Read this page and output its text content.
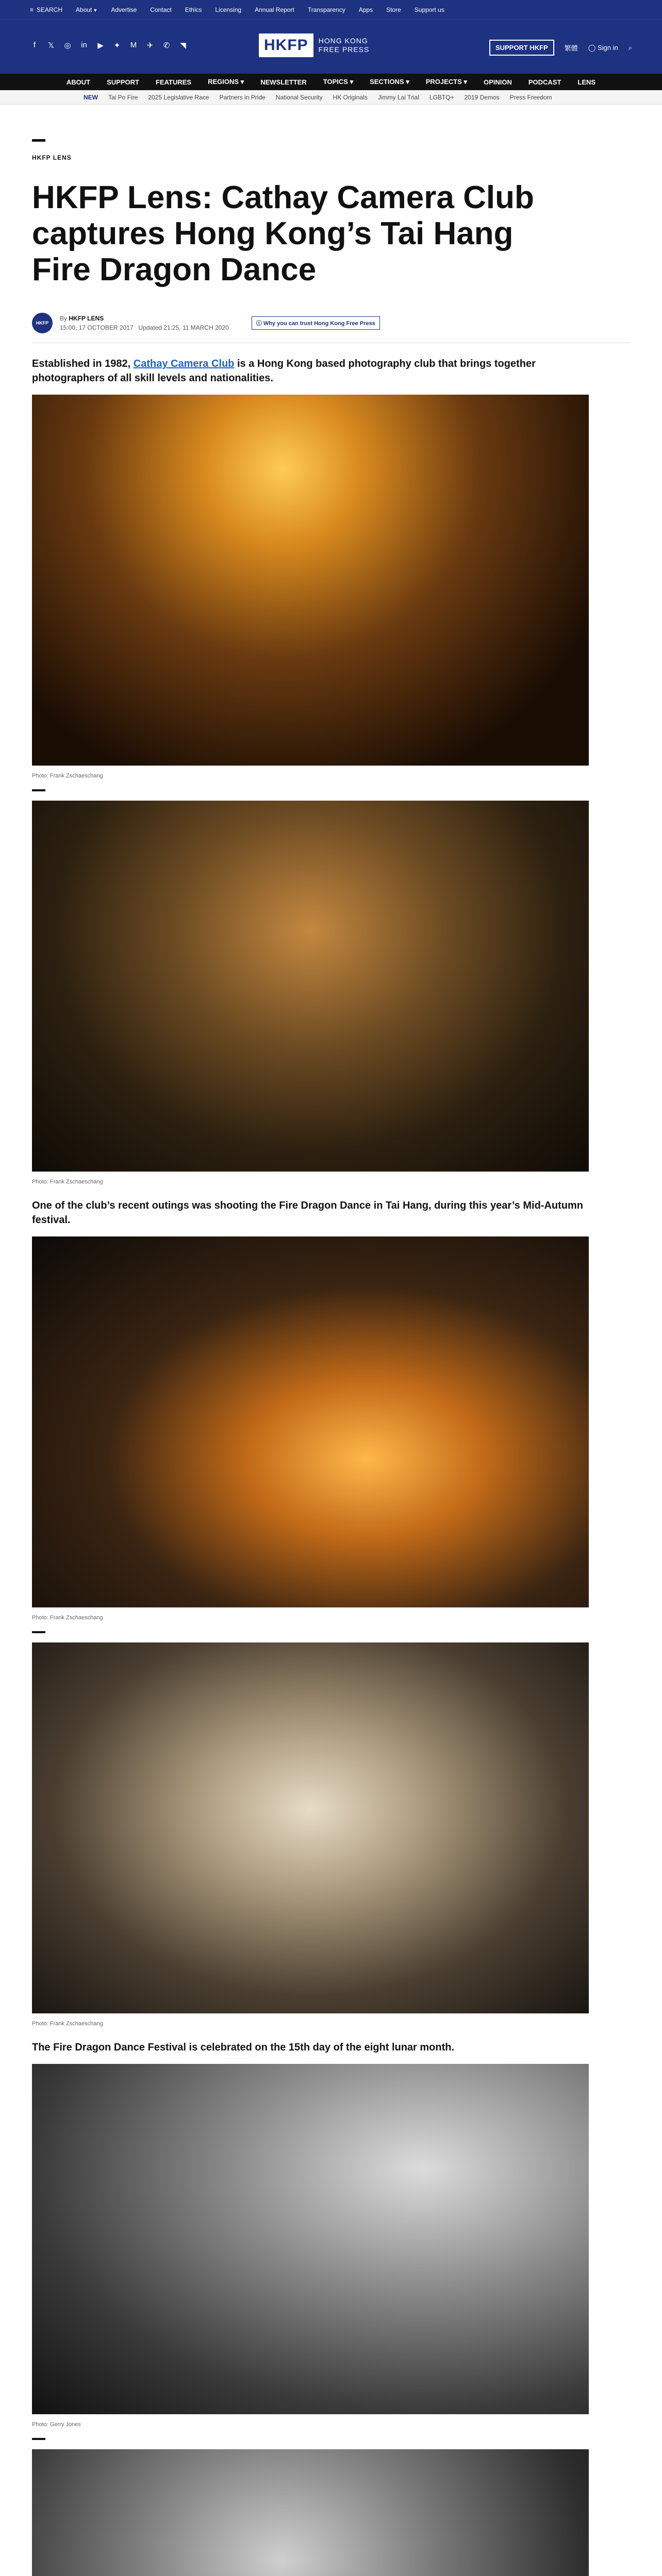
≡ SEARCH About ▼ Advertise Contact Ethics Licensing Annual Report Transparency Apps Store Support us
f	𝕏 ◎ in ▶ ✦ M ✈ ✆ ◥	HKFP	HONG KONG
FREE PRESS	SUPPORT HKFP	繁體 ◯ Sign in ⌕
ABOUT SUPPORT FEATURES REGIONS ▾ NEWSLETTER TOPICS ▾ SECTIONS ▾ PROJECTS ▾ OPINION PODCAST LENS
NEW Tai Po Fire 2025 Legislative Race Partners in Pride National Security HK Originals Jimmy Lai Trial LGBTQ+ 2019 Demos Press Freedom
HKFP LENS
HKFP Lens: Cathay Camera Club captures Hong Kong’s Tai Hang Fire Dragon Dance
HKFP
By HKFP LENS
15:00, 17 OCTOBER 2017 Updated 21:25, 11 MARCH 2020
ⓘ Why you can trust Hong Kong Free Press

Established in 1982, Cathay Camera Club is a Hong Kong based photography club that brings together photographers of all skill levels and nationalities.

Photo: Frank Zschaeschang
Photo: Frank Zschaeschang

One of the club’s recent outings was shooting the Fire Dragon Dance in Tai Hang, during this year’s Mid-Autumn festival.

Photo: Frank Zschaeschang
Photo: Frank Zschaeschang

The Fire Dragon Dance Festival is celebrated on the 15th day of the eight lunar month.

Photo: Gerry Jones
